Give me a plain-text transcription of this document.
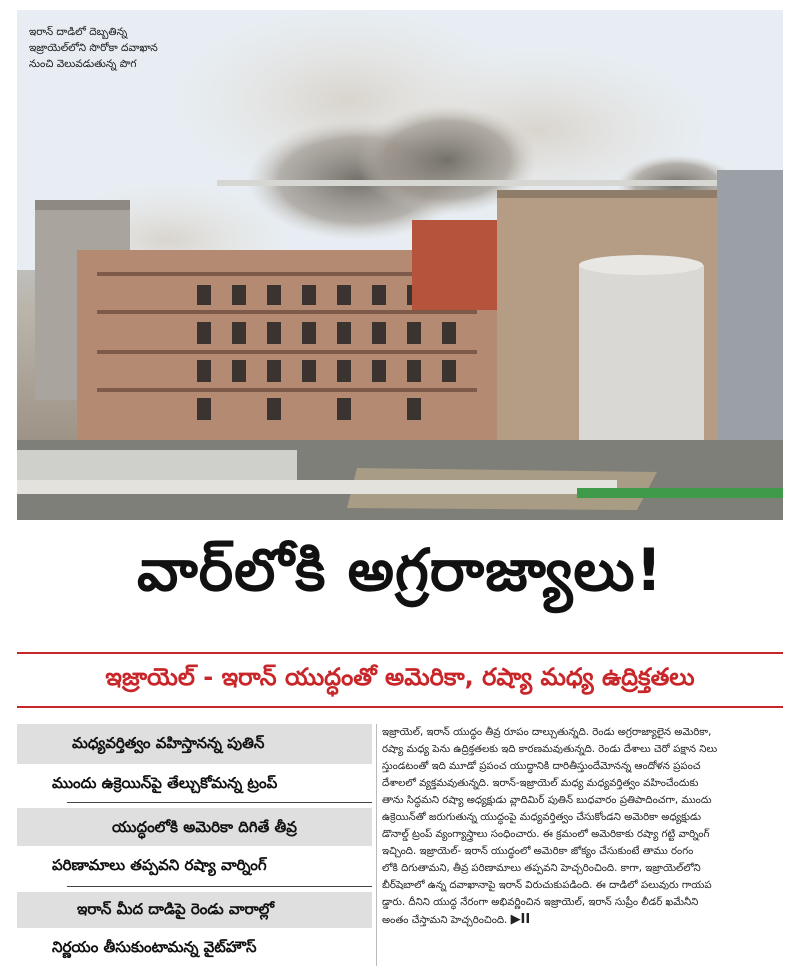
ఇరాన్ దాడిలో దెబ్బతిన్న
ఇజ్రాయెల్‌లోని సొరోకా దవాఖాన
నుంచి వెలువడుతున్న పొగ
వార్‌లోకి అగ్రరాజ్యాలు!
ఇజ్రాయెల్ - ఇరాన్ యుద్ధంతో అమెరికా, రష్యా మధ్య ఉద్రిక్తతలు
మధ్యవర్తిత్వం వహిస్తానన్న పుతిన్
ముందు ఉక్రెయిన్‌పై తేల్చుకోమన్న ట్రంప్
యుద్ధంలోకి అమెరికా దిగితే తీవ్ర
పరిణామాలు తప్పవని రష్యా వార్నింగ్
ఇరాన్ మీద దాడిపై రెండు వారాల్లో
నిర్ణయం తీసుకుంటామన్న వైట్‌హౌస్
ఇజ్రాయెల్, ఇరాన్ యుద్ధం తీవ్ర రూపం దాల్చుతున్నది. రెండు అగ్రరాజ్యాలైన అమెరికా,
రష్యా మధ్య పెను ఉద్రిక్తతలకు ఇది కారణమవుతున్నది. రెండు దేశాలు చెరో పక్షాన నిలు
స్తుండటంతో ఇది మూడో ప్రపంచ యుద్ధానికి దారితీస్తుందేమోనన్న ఆందోళన ప్రపంచ
దేశాలలో వ్యక్తమవుతున్నది. ఇరాన్-ఇజ్రాయెల్ మధ్య మధ్యవర్తిత్వం వహించేందుకు
తాను సిద్ధమని రష్యా అధ్యక్షుడు వ్లాదిమిర్ పుతిన్ బుధవారం ప్రతిపాదించగా, ముందు
ఉక్రెయిన్‌తో జరుగుతున్న యుద్ధంపై మధ్యవర్తిత్వం చేసుకోండని అమెరికా అధ్యక్షుడు
డొనాల్డ్ ట్రంప్ వ్యంగ్యాస్త్రాలు సంధించారు. ఈ క్రమంలో అమెరికాకు రష్యా గట్టి వార్నింగ్
ఇచ్చింది. ఇజ్రాయెల్- ఇరాన్ యుద్ధంలో అమెరికా జోక్యం చేసుకుంటే తాము రంగం
లోకి దిగుతామని, తీవ్ర పరిణామాలు తప్పవని హెచ్చరించింది. కాగా, ఇజ్రాయెల్‌లోని
బీర్‌షెబాలో ఉన్న దవాఖానాపై ఇరాన్ విరుచుకుపడింది. ఈ దాడిలో పలువురు గాయప
డ్డారు. దీనిని యుద్ధ నేరంగా అభివర్ణించిన ఇజ్రాయెల్, ఇరాన్ సుప్రీం లీడర్ ఖమేనీని
అంతం చేస్తామని హెచ్చరించింది. ▶II
